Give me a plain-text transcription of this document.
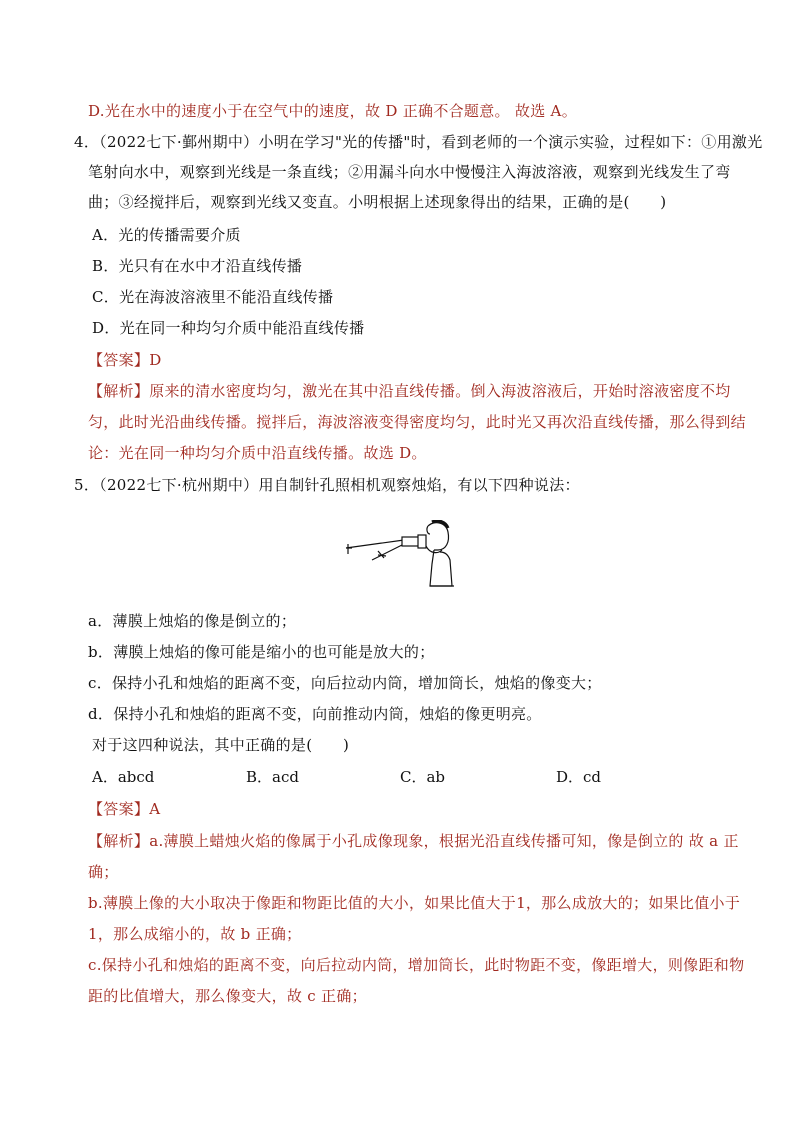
D.光在水中的速度小于在空气中的速度，故 D 正确不合题意。 故选 A。
4．（2022七下·鄞州期中）小明在学习"光的传播"时，看到老师的一个演示实验，过程如下：①用激光
笔射向水中，观察到光线是一条直线；②用漏斗向水中慢慢注入海波溶液，观察到光线发生了弯
曲；③经搅拌后，观察到光线又变直。小明根据上述现象得出的结果，正确的是(　　)
A．光的传播需要介质
B．光只有在水中才沿直线传播
C．光在海波溶液里不能沿直线传播
D．光在同一种均匀介质中能沿直线传播
【答案】D
【解析】原来的清水密度均匀，激光在其中沿直线传播。倒入海波溶液后，开始时溶液密度不均
匀，此时光沿曲线传播。搅拌后，海波溶液变得密度均匀，此时光又再次沿直线传播，那么得到结
论：光在同一种均匀介质中沿直线传播。故选 D。
5．（2022七下·杭州期中）用自制针孔照相机观察烛焰，有以下四种说法：
a．薄膜上烛焰的像是倒立的；
b．薄膜上烛焰的像可能是缩小的也可能是放大的；
c．保持小孔和烛焰的距离不变，向后拉动内筒，增加筒长，烛焰的像变大；
d．保持小孔和烛焰的距离不变，向前推动内筒，烛焰的像更明亮。
对于这四种说法，其中正确的是(　　)
A．abcd	B．acd	C．ab	D．cd
【答案】A
【解析】a.薄膜上蜡烛火焰的像属于小孔成像现象，根据光沿直线传播可知，像是倒立的 故 a 正
确；
b.薄膜上像的大小取决于像距和物距比值的大小，如果比值大于1，那么成放大的；如果比值小于
1，那么成缩小的，故 b 正确；
c.保持小孔和烛焰的距离不变，向后拉动内筒，增加筒长，此时物距不变，像距增大，则像距和物
距的比值增大，那么像变大，故 c 正确；
